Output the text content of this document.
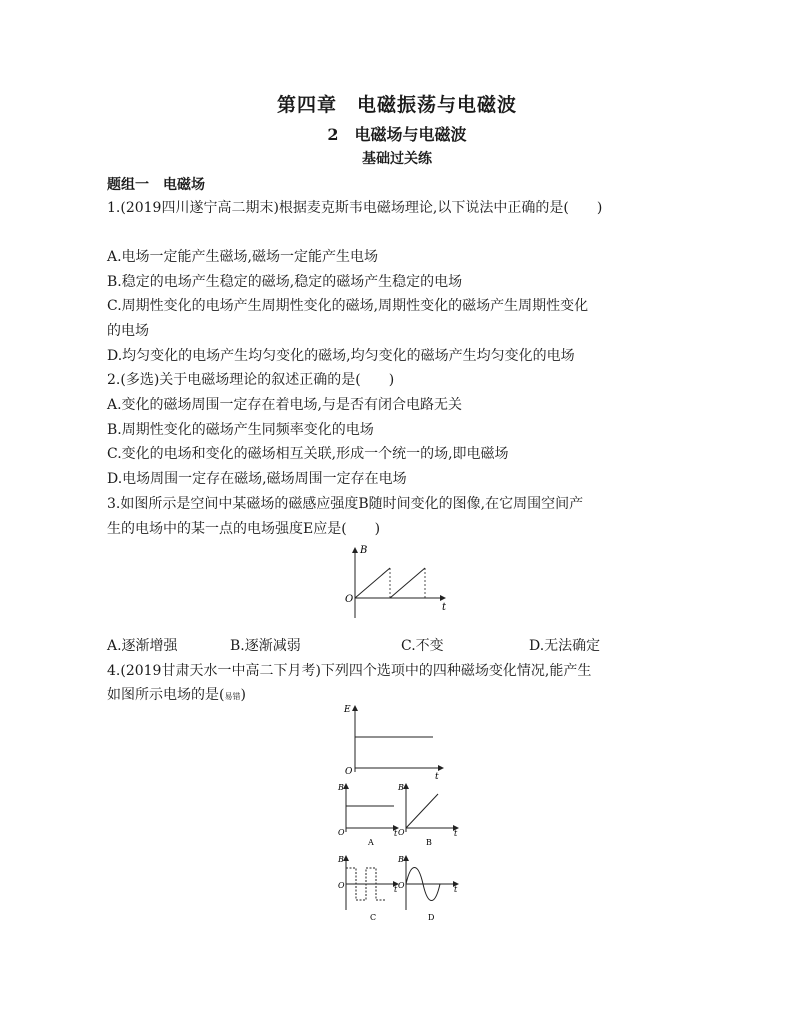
第四章　电磁振荡与电磁波
2　电磁场与电磁波
基础过关练
题组一　电磁场
1.(2019四川遂宁高二期末)根据麦克斯韦电磁场理论,以下说法中正确的是(　　)
A.电场一定能产生磁场,磁场一定能产生电场
B.稳定的电场产生稳定的磁场,稳定的磁场产生稳定的电场
C.周期性变化的电场产生周期性变化的磁场,周期性变化的磁场产生周期性变化
的电场
D.均匀变化的电场产生均匀变化的磁场,均匀变化的磁场产生均匀变化的电场
2.(多选)关于电磁场理论的叙述正确的是(　　)
A.变化的磁场周围一定存在着电场,与是否有闭合电路无关
B.周期性变化的磁场产生同频率变化的电场
C.变化的电场和变化的磁场相互关联,形成一个统一的场,即电磁场
D.电场周围一定存在磁场,磁场周围一定存在电场
3.如图所示是空间中某磁场的磁感应强度B随时间变化的图像,在它周围空间产
生的电场中的某一点的电场强度E应是(　　)
B
O
t
A.逐渐增强	B.逐渐减弱	C.不变	D.无法确定
4.(2019甘肃天水一中高二下月考)下列四个选项中的四种磁场变化情况,能产生
如图所示电场的是(易错)
E
O	t
B
O	t
A
B
O	t
B
B
O	t
C
B
O	t
D
